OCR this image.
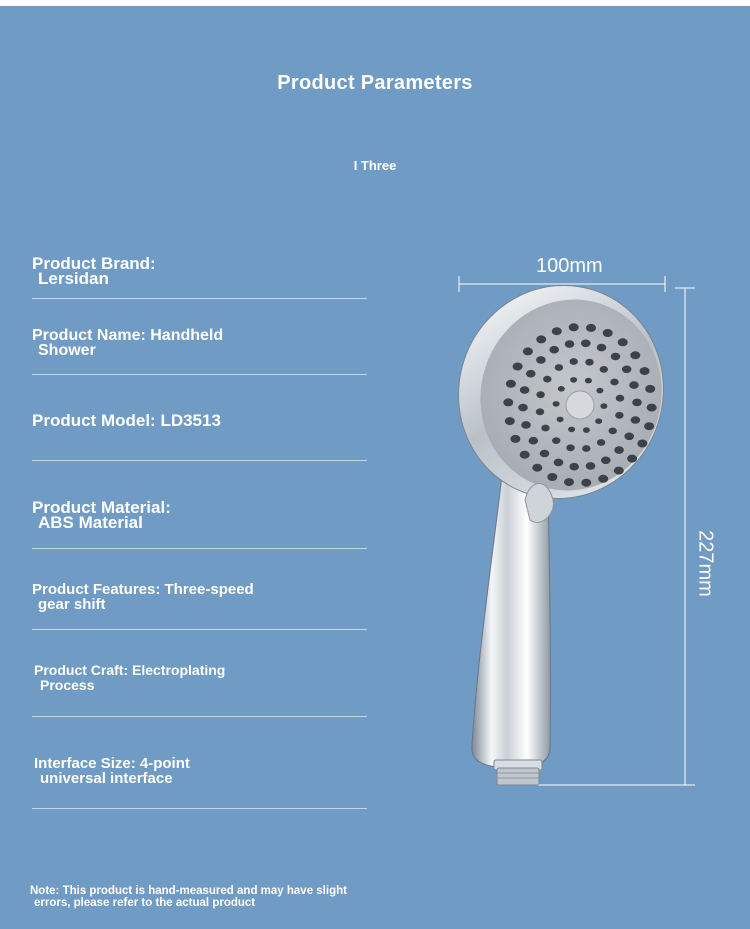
Product Parameters
I Three
Product Brand:
Lersidan
Product Name: Handheld
Shower
Product Model: LD3513
Product Material:
ABS Material
Product Features: Three-speed
gear shift
Product Craft: Electroplating
Process
Interface Size: 4-point
universal interface
Note: This product is hand-measured and may have slight
errors, please refer to the actual product
100mm
227mm
